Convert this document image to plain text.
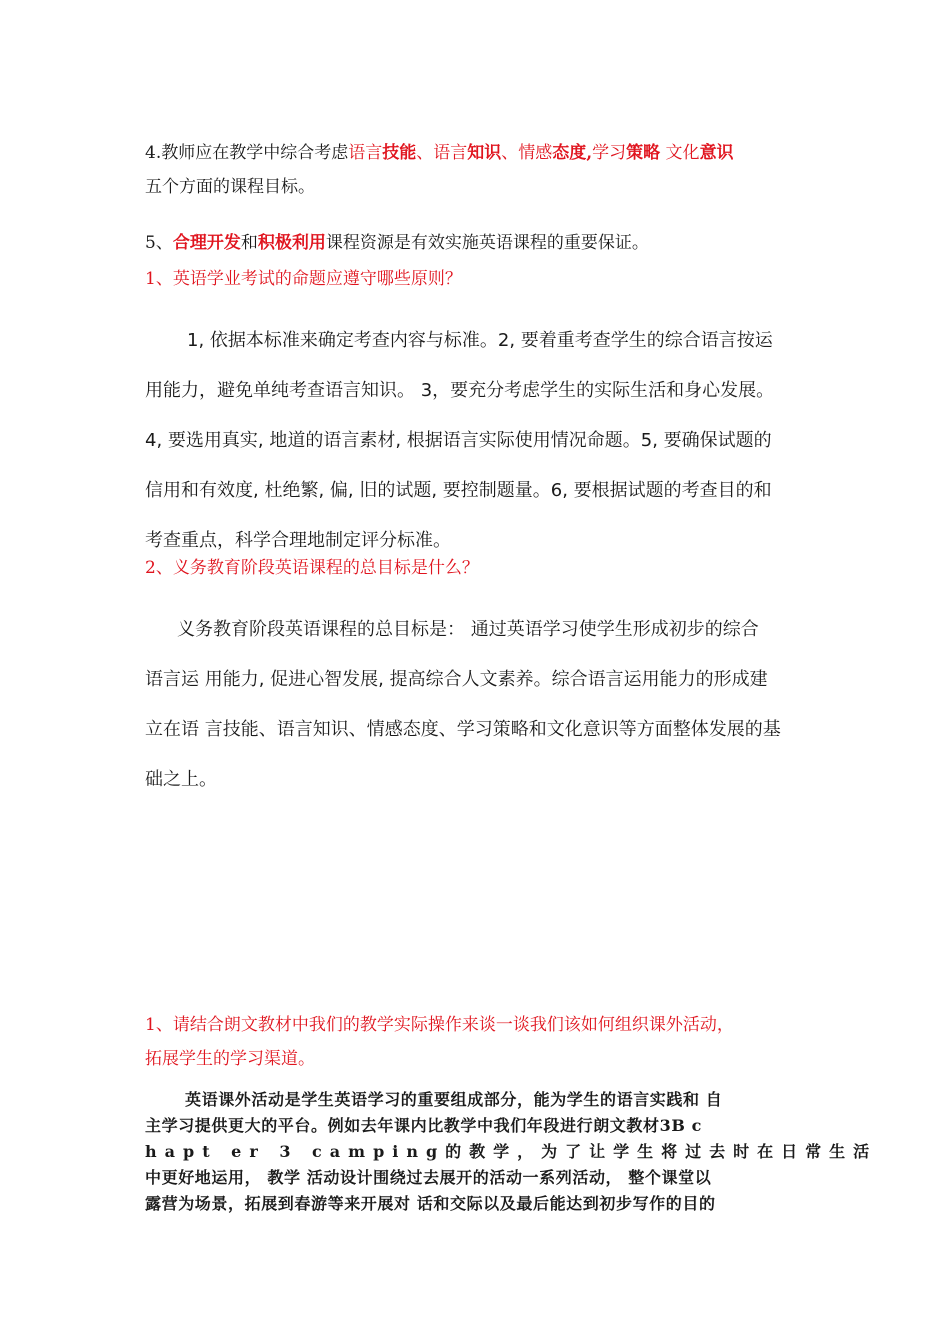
4.教师应在教学中综合考虑语言技能、语言知识、情感态度,学习策略 文化意识
五个方面的课程目标。
5、合理开发和积极利用课程资源是有效实施英语课程的重要保证。
1、英语学业考试的命题应遵守哪些原则？
1, 依据本标准来确定考查内容与标准。2, 要着重考查学生的综合语言按运
用能力，避免单纯考查语言知识。 3，要充分考虑学生的实际生活和身心发展。
4, 要选用真实, 地道的语言素材, 根据语言实际使用情况命题。5, 要确保试题的
信用和有效度, 杜绝繁, 偏, 旧的试题, 要控制题量。6, 要根据试题的考查目的和
考查重点，科学合理地制定评分标准。
2、义务教育阶段英语课程的总目标是什么？
义务教育阶段英语课程的总目标是： 通过英语学习使学生形成初步的综合
语言运 用能力, 促进心智发展, 提高综合人文素养。综合语言运用能力的形成建
立在语 言技能、语言知识、情感态度、学习策略和文化意识等方面整体发展的基
础之上。
1、请结合朗文教材中我们的教学实际操作来谈一谈我们该如何组织课外活动，
拓展学生的学习渠道。
英语课外活动是学生英语学习的重要组成部分，能为学生的语言实践和 自
主学习提供更大的平台。例如去年课内比教学中我们年段进行朗文教材3B c
hapt er 3 camping的教学，为了让学生将过去时在日常生活
中更好地运用， 教学 活动设计围绕过去展开的活动一系列活动， 整个课堂以
露营为场景，拓展到春游等来开展对 话和交际以及最后能达到初步写作的目的
